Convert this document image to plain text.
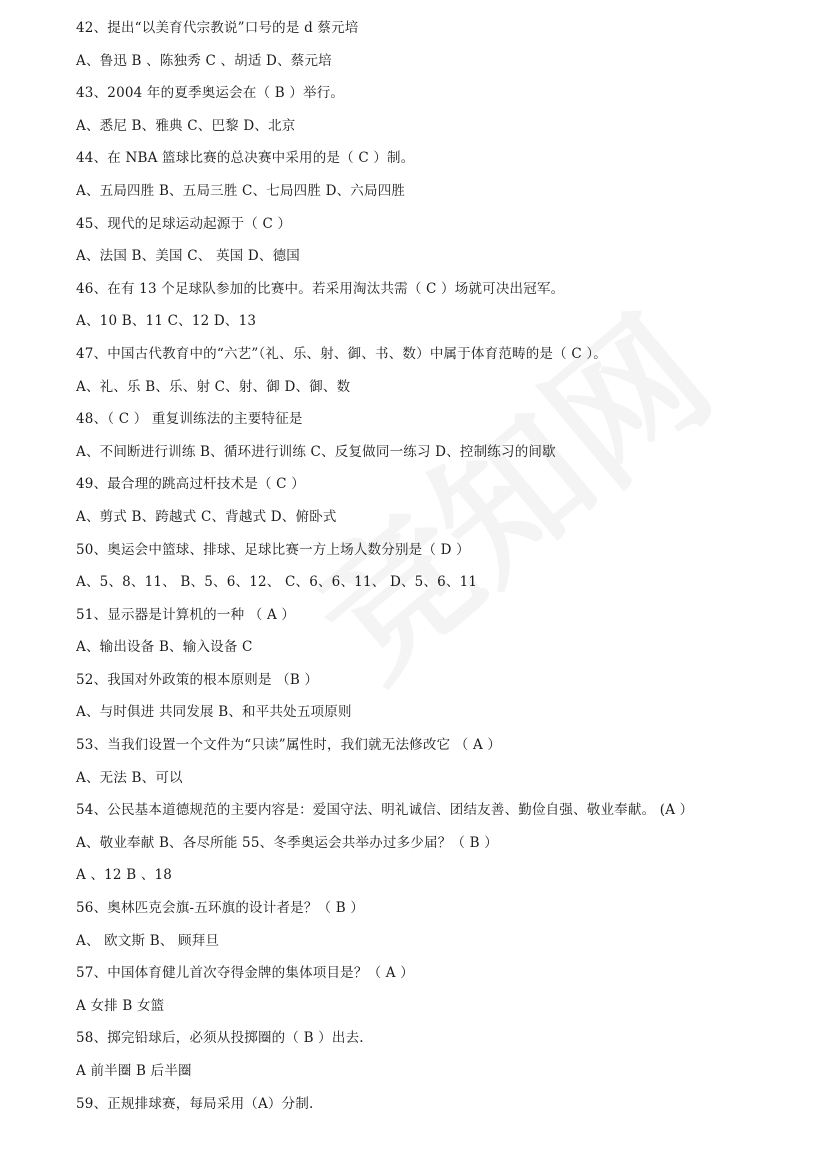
42、提出“以美育代宗教说”口号的是 d 蔡元培
A、鲁迅 B 、陈独秀 C 、胡适 D、蔡元培
43、2004 年的夏季奥运会在（ B ）举行。
A、悉尼 B、雅典 C、巴黎 D、北京
44、在 NBA 篮球比赛的总决赛中采用的是（ C ）制。
A、五局四胜 B、五局三胜 C、七局四胜 D、六局四胜
45、现代的足球运动起源于（ C ）
A、法国 B、美国 C、 英国 D、德国
46、在有 13 个足球队参加的比赛中。若采用淘汰共需（ C ）场就可决出冠军。
A、10 B、11 C、12 D、13
47、中国古代教育中的“六艺”（礼、乐、射、御、书、数）中属于体育范畴的是（ C ）。
A、礼、乐 B、乐、射 C、射、御 D、御、数
48、（ C ） 重复训练法的主要特征是
A、不间断进行训练 B、循环进行训练 C、反复做同一练习 D、控制练习的间歇
49、最合理的跳高过杆技术是（ C ）
A、剪式 B、跨越式 C、背越式 D、俯卧式
50、奥运会中篮球、排球、足球比赛一方上场人数分别是（ D ）
A、5、8、11、 B、5、6、12、 C、6、6、11、 D、5、6、11
51、显示器是计算机的一种 （ A ）
A、输出设备 B、输入设备 C
52、我国对外政策的根本原则是 （B ）
A、与时俱进 共同发展 B、和平共处五项原则
53、当我们设置一个文件为“只读”属性时，我们就无法修改它 （ A ）
A、无法 B、可以
54、公民基本道德规范的主要内容是：爱国守法、明礼诚信、团结友善、勤俭自强、敬业奉献。 (A ）
A、敬业奉献 B、各尽所能 55、冬季奥运会共举办过多少届？（ B ）
A 、12 B 、18
56、奥林匹克会旗-五环旗的设计者是？（ B ）
A、 欧文斯 B、 顾拜旦
57、中国体育健儿首次夺得金牌的集体项目是？（ A ）
A 女排 B 女篮
58、掷完铅球后，必须从投掷圈的（ B ）出去.
A 前半圈 B 后半圈
59、正规排球赛，每局采用（A）分制.
